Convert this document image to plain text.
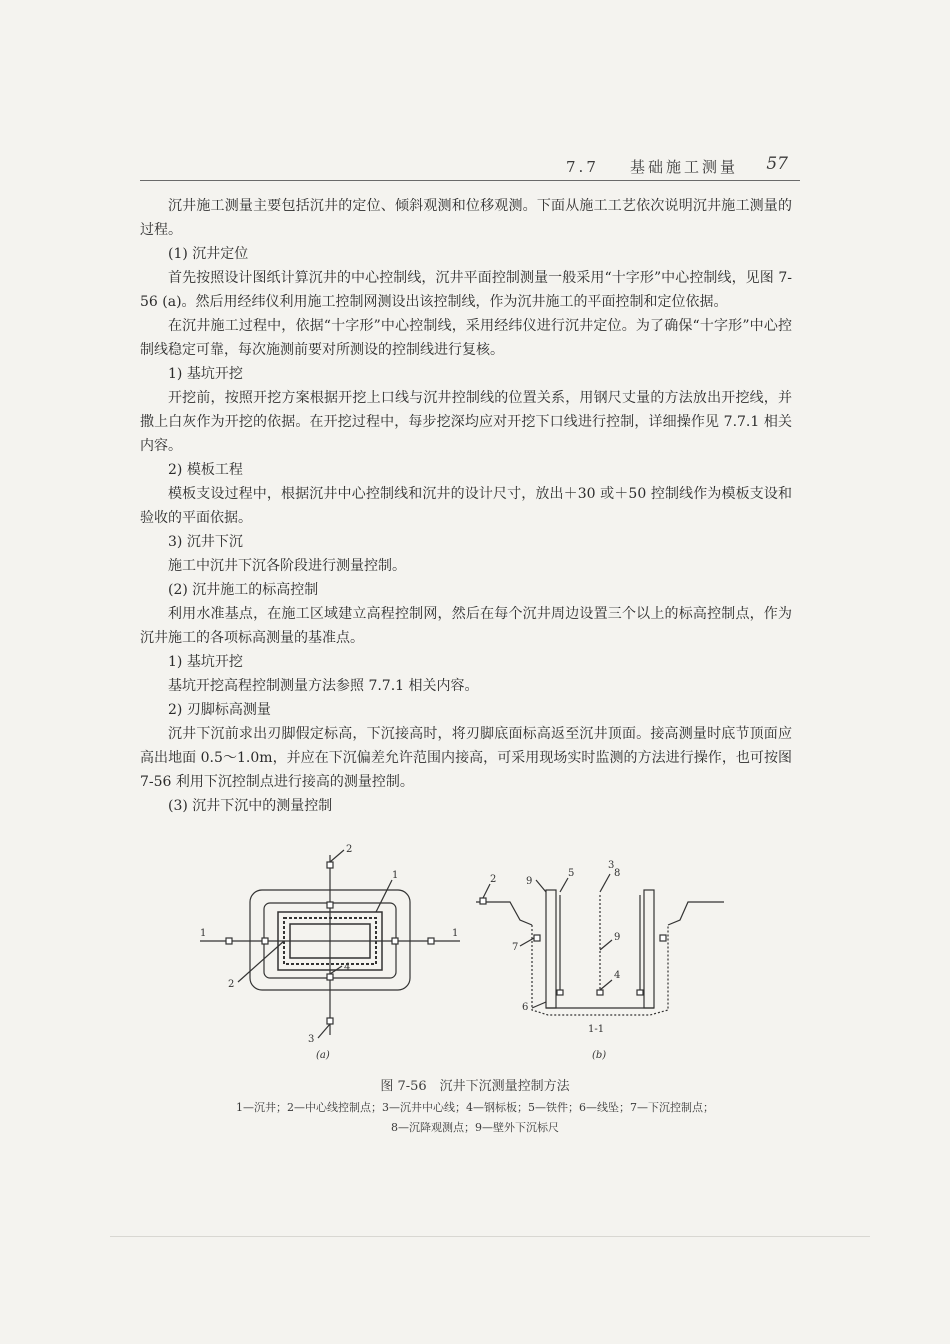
7.7 基础施工测量 57

沉井施工测量主要包括沉井的定位、倾斜观测和位移观测。下面从施工工艺依次说明沉井施工测量的过程。

(1) 沉井定位

首先按照设计图纸计算沉井的中心控制线，沉井平面控制测量一般采用“十字形”中心控制线，见图 7-56 (a)。然后用经纬仪利用施工控制网测设出该控制线，作为沉井施工的平面控制和定位依据。

在沉井施工过程中，依据“十字形”中心控制线，采用经纬仪进行沉井定位。为了确保“十字形”中心控制线稳定可靠，每次施测前要对所测设的控制线进行复核。

1) 基坑开挖

开挖前，按照开挖方案根据开挖上口线与沉井控制线的位置关系，用钢尺丈量的方法放出开挖线，并撒上白灰作为开挖的依据。在开挖过程中，每步挖深均应对开挖下口线进行控制，详细操作见 7.7.1 相关内容。

2) 模板工程

模板支设过程中，根据沉井中心控制线和沉井的设计尺寸，放出＋30 或＋50 控制线作为模板支设和验收的平面依据。

3) 沉井下沉

施工中沉井下沉各阶段进行测量控制。

(2) 沉井施工的标高控制

利用水准基点，在施工区域建立高程控制网，然后在每个沉井周边设置三个以上的标高控制点，作为沉井施工的各项标高测量的基准点。

1) 基坑开挖

基坑开挖高程控制测量方法参照 7.7.1 相关内容。

2) 刃脚标高测量

沉井下沉前求出刃脚假定标高，下沉接高时，将刃脚底面标高返至沉井顶面。接高测量时底节顶面应高出地面 0.5～1.0m，并应在下沉偏差允许范围内接高，可采用现场实时监测的方法进行操作，也可按图 7-56 利用下沉控制点进行接高的测量控制。

(3) 沉井下沉中的测量控制

1	1
1
2
2
3
4
(a)
2	9
5
3
8
7
9
4
6
1-1
(b)
图 7-56　沉井下沉测量控制方法
1—沉井；2—中心线控制点；3—沉井中心线；4—钢标板；5—铁件；6—线坠；7—下沉控制点；
8—沉降观测点；9—壁外下沉标尺
